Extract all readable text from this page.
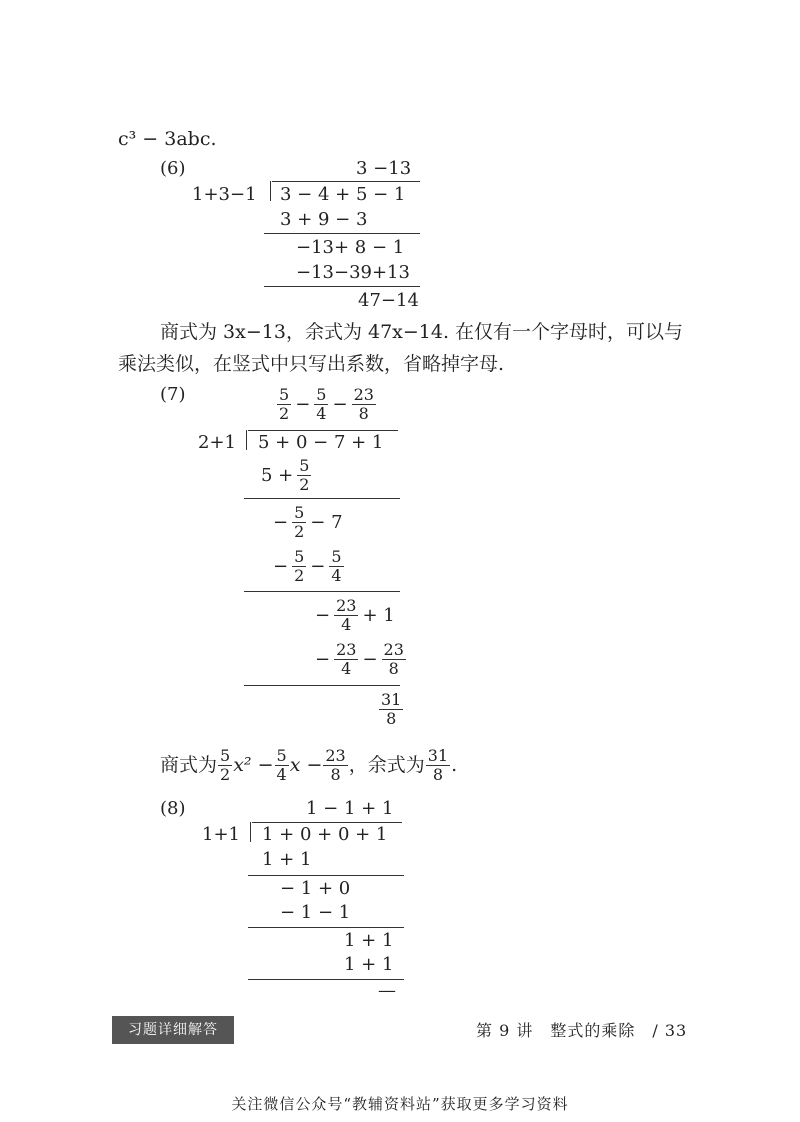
c³ − 3abc.
(6)	3 −13
1+3−1 3 − 4 + 5 − 1
3 + 9 − 3
−13+ 8 − 1
−13−39+13
47−14
商式为 3x−13，余式为 47x−14. 在仅有一个字母时，可以与
乘法类似，在竖式中只写出系数，省略掉字母.
(7)	$\frac{5}{2} - \frac{5}{4} - \frac{23}{8}$
2+1 5 + 0 − 7 + 1
$5 + \frac{5}{2}$
− $\frac{5}{2} - 7$
− $\frac{5}{2} - \frac{5}{4}$
− $\frac{23}{4} + 1$
− $\frac{23}{4} - \frac{23}{8}$
$\frac{31}{8}$
商式为 $\frac{5}{2} x^2 - \frac{5}{4}$ $x - \frac{23}{8}$ ，余式为 $\frac{31}{8}$ .
(8)	1 − 1 + 1
1+1 1 + 0 + 0 + 1
1 + 1
− 1 + 0
− 1 − 1
1 + 1
1 + 1
—
习题详细解答	第 9 讲　整式的乘除　/ 33
关注微信公众号“教辅资料站”获取更多学习资料
